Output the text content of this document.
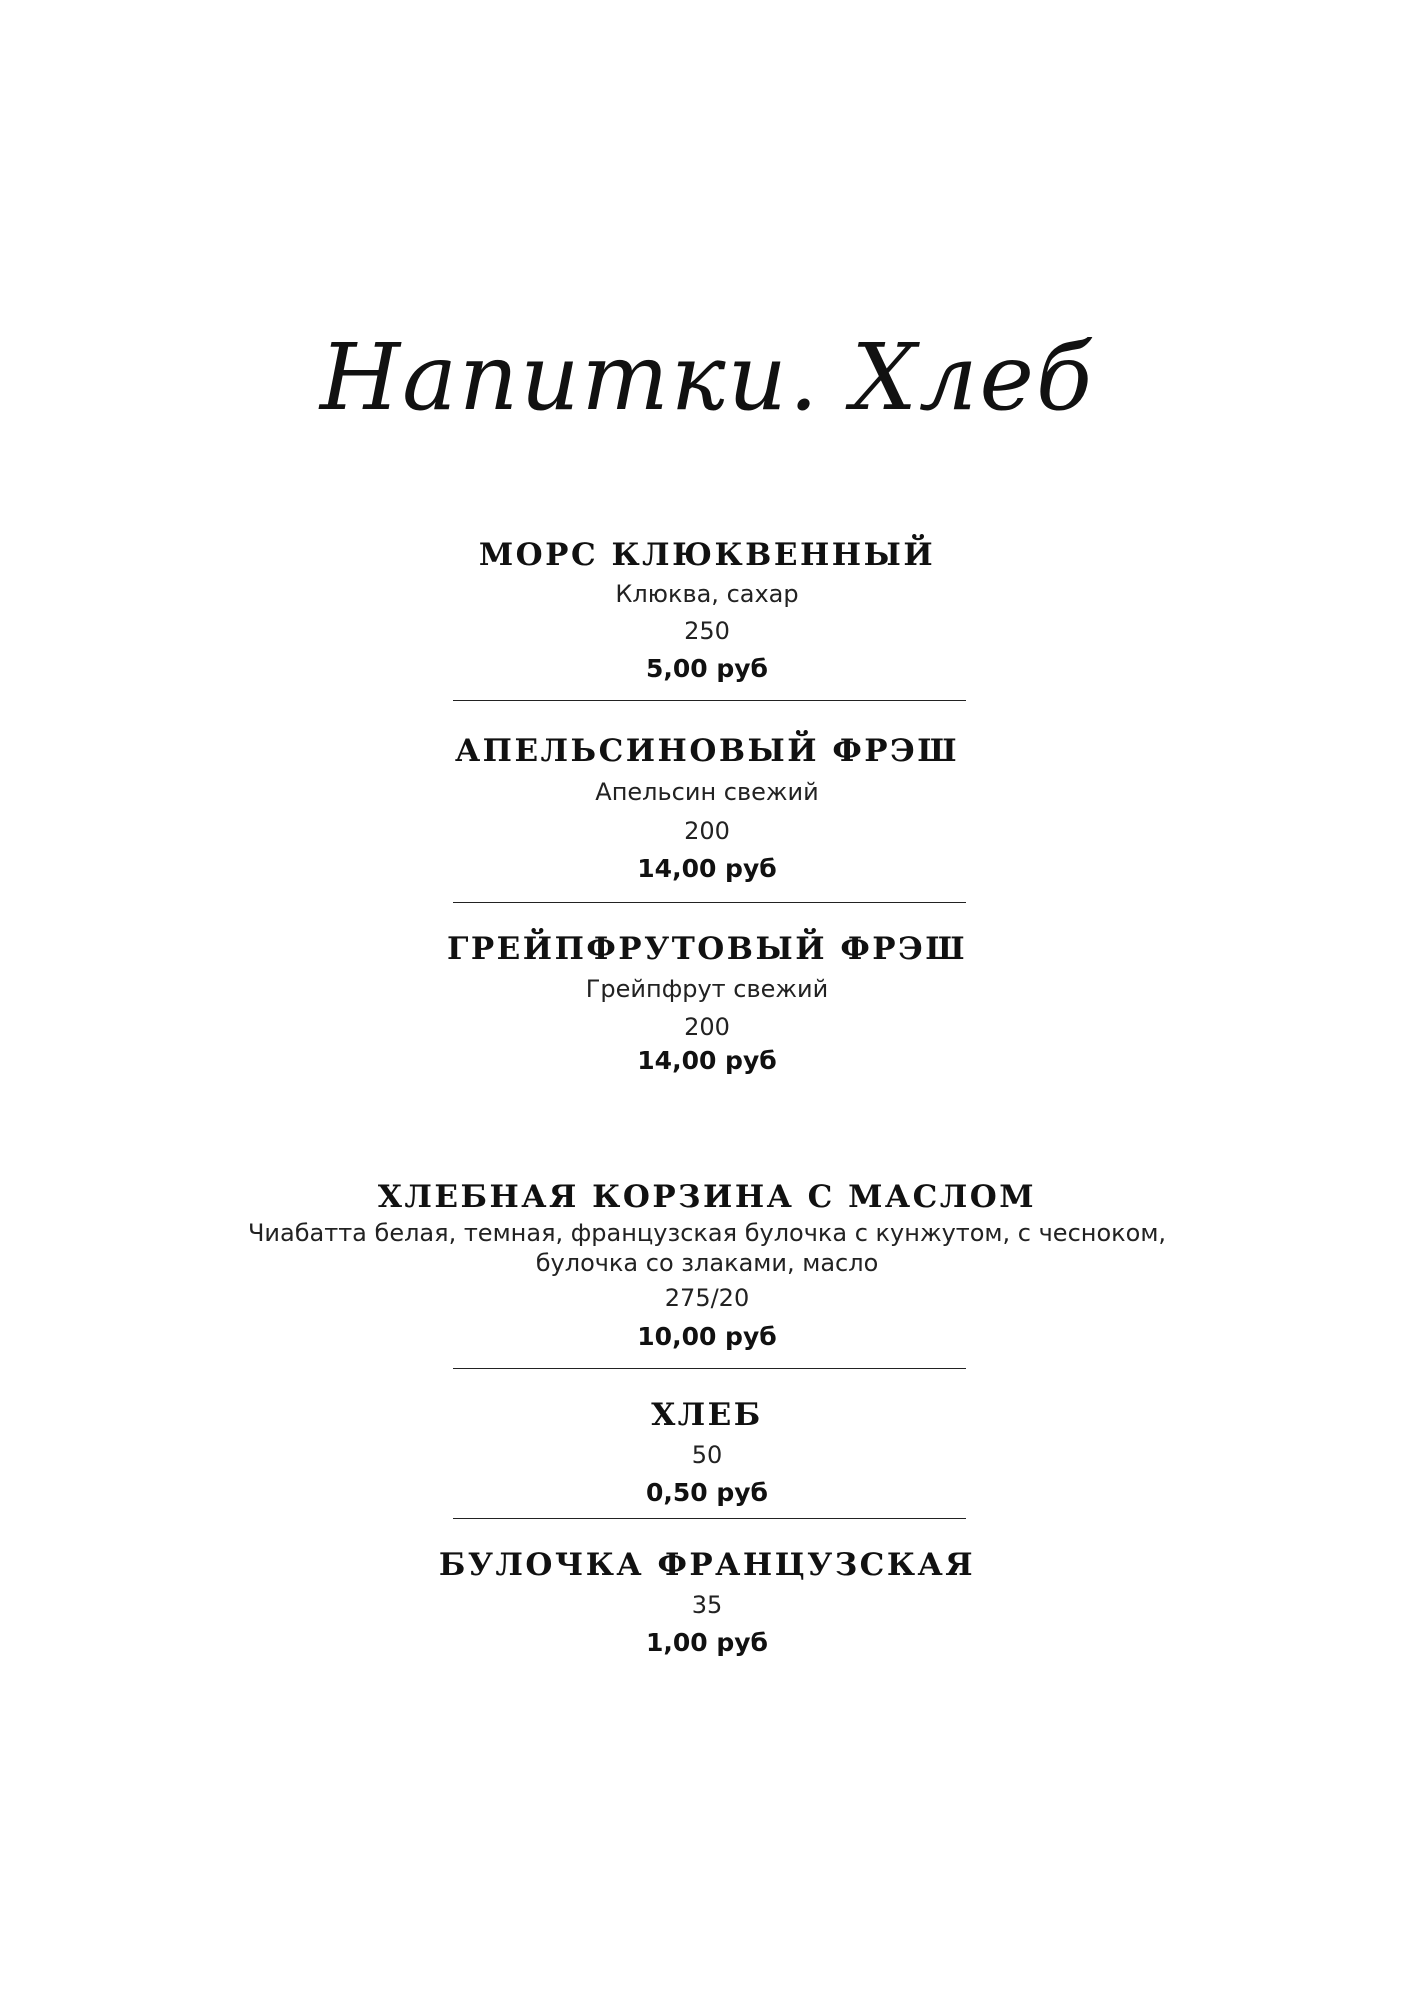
Напитки. Хлеб
МОРС КЛЮКВЕННЫЙ
Клюква, сахар
250
5,00 руб
АПЕЛЬСИНОВЫЙ ФРЭШ
Апельсин свежий
200
14,00 руб
ГРЕЙПФРУТОВЫЙ ФРЭШ
Грейпфрут свежий
200
14,00 руб
ХЛЕБНАЯ КОРЗИНА С МАСЛОМ
Чиабатта белая, темная, французская булочка с кунжутом, с чесноком,
булочка со злаками, масло
275/20
10,00 руб
ХЛЕБ
50
0,50 руб
БУЛОЧКА ФРАНЦУЗСКАЯ
35
1,00 руб
